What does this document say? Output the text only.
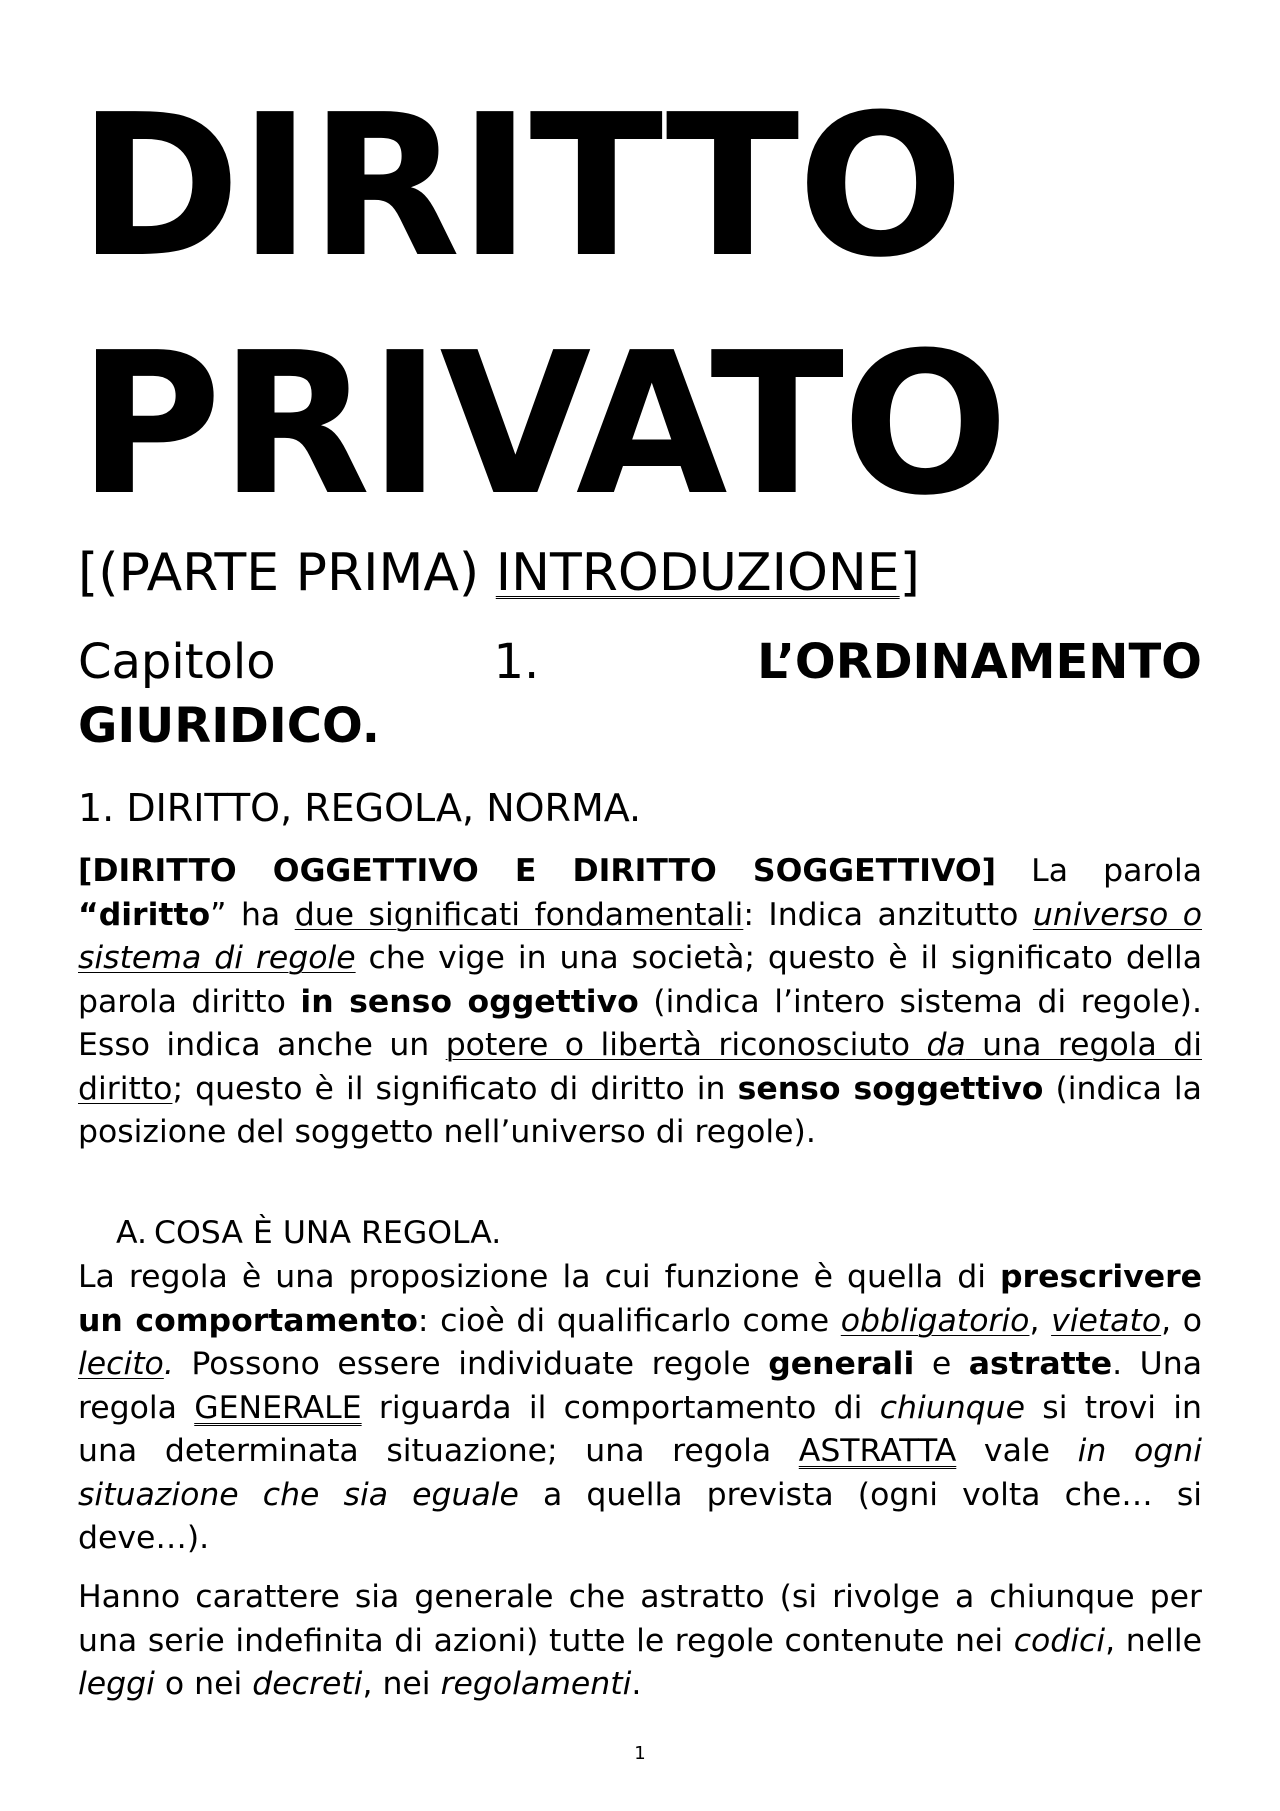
DIRITTO
PRIVATO
[(PARTE PRIMA) INTRODUZIONE]
Capitolo	1.	L’ORDINAMENTO
GIURIDICO.
1. DIRITTO, REGOLA, NORMA.

[DIRITTO OGGETTIVO E DIRITTO SOGGETTIVO] La parola “diritto” ha due significati fondamentali: Indica anzitutto universo o sistema di regole che vige in una società; questo è il significato della parola diritto in senso oggettivo (indica l’intero sistema di regole). Esso indica anche un potere o libertà riconosciuto da una regola di diritto; questo è il significato di diritto in senso soggettivo (indica la posizione del soggetto nell’universo di regole).

A. COSA È UNA REGOLA.

La regola è una proposizione la cui funzione è quella di prescrivere un comportamento: cioè di qualificarlo come obbligatorio, vietato, o lecito. Possono essere individuate regole generali e astratte. Una regola GENERALE riguarda il comportamento di chiunque si trovi in una determinata situazione; una regola ASTRATTA vale in ogni situazione che sia eguale a quella prevista (ogni volta che… si deve…).

Hanno carattere sia generale che astratto (si rivolge a chiunque per una serie indefinita di azioni) tutte le regole contenute nei codici, nelle leggi o nei decreti, nei regolamenti.

1
